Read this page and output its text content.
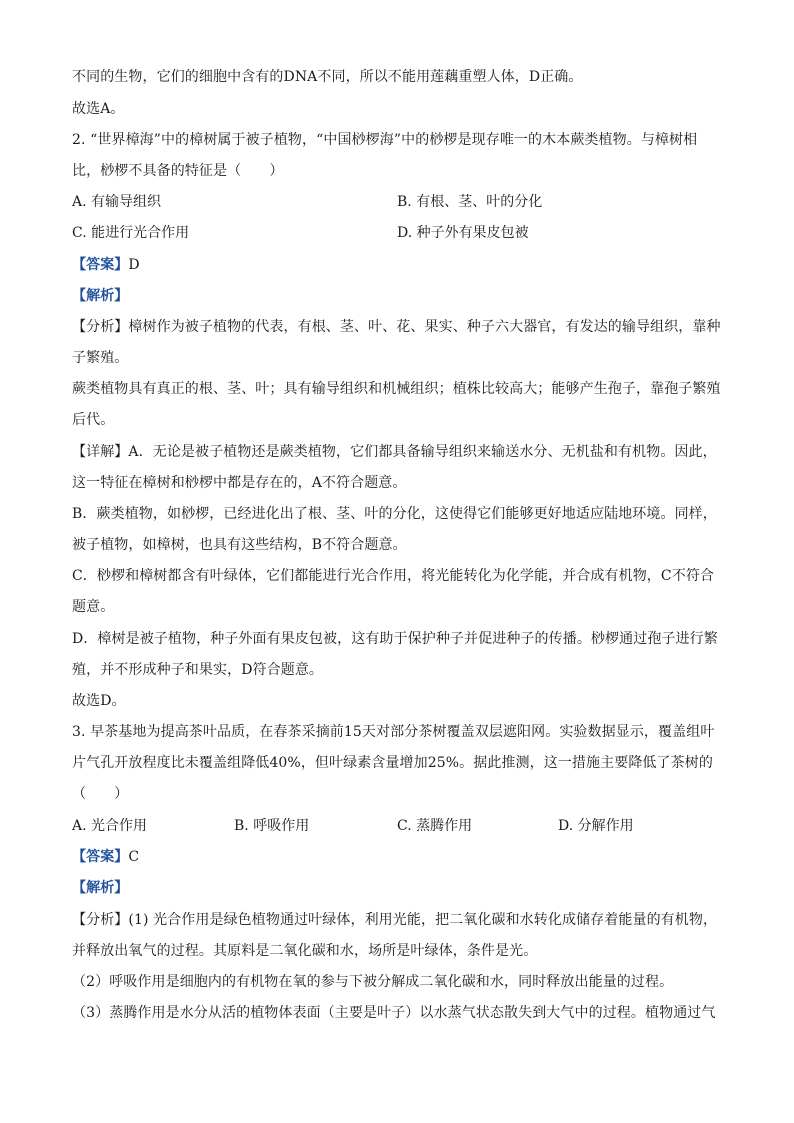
不同的生物，它们的细胞中含有的DNA不同，所以不能用莲藕重塑人体，D正确。
故选A。
2. “世界樟海”中的樟树属于被子植物，“中国桫椤海”中的桫椤是现存唯一的木本蕨类植物。与樟树相
比，桫椤不具备的特征是（　　）
A. 有输导组织	B. 有根、茎、叶的分化
C. 能进行光合作用	D. 种子外有果皮包被
【答案】D
【解析】
【分析】樟树作为被子植物的代表，有根、茎、叶、花、果实、种子六大器官，有发达的输导组织，靠种
子繁殖。
蕨类植物具有真正的根、茎、叶；具有输导组织和机械组织；植株比较高大；能够产生孢子，靠孢子繁殖
后代。
【详解】A．无论是被子植物还是蕨类植物，它们都具备输导组织来输送水分、无机盐和有机物。因此，
这一特征在樟树和桫椤中都是存在的，A不符合题意。
B．蕨类植物，如桫椤，已经进化出了根、茎、叶的分化，这使得它们能够更好地适应陆地环境。同样，
被子植物，如樟树，也具有这些结构，B不符合题意。
C．桫椤和樟树都含有叶绿体，它们都能进行光合作用，将光能转化为化学能，并合成有机物，C不符合
题意。
D．樟树是被子植物，种子外面有果皮包被，这有助于保护种子并促进种子的传播。桫椤通过孢子进行繁
殖，并不形成种子和果实，D符合题意。
故选D。
3. 早茶基地为提高茶叶品质，在春茶采摘前15天对部分茶树覆盖双层遮阳网。实验数据显示，覆盖组叶
片气孔开放程度比未覆盖组降低40%，但叶绿素含量增加25%。据此推测，这一措施主要降低了茶树的
（　　）
A. 光合作用	B. 呼吸作用	C. 蒸腾作用	D. 分解作用
【答案】C
【解析】
【分析】(1) 光合作用是绿色植物通过叶绿体，利用光能，把二氧化碳和水转化成储存着能量的有机物，
并释放出氧气的过程。其原料是二氧化碳和水，场所是叶绿体，条件是光。
（2）呼吸作用是细胞内的有机物在氧的参与下被分解成二氧化碳和水，同时释放出能量的过程。
（3）蒸腾作用是水分从活的植物体表面（主要是叶子）以水蒸气状态散失到大气中的过程。植物通过气
